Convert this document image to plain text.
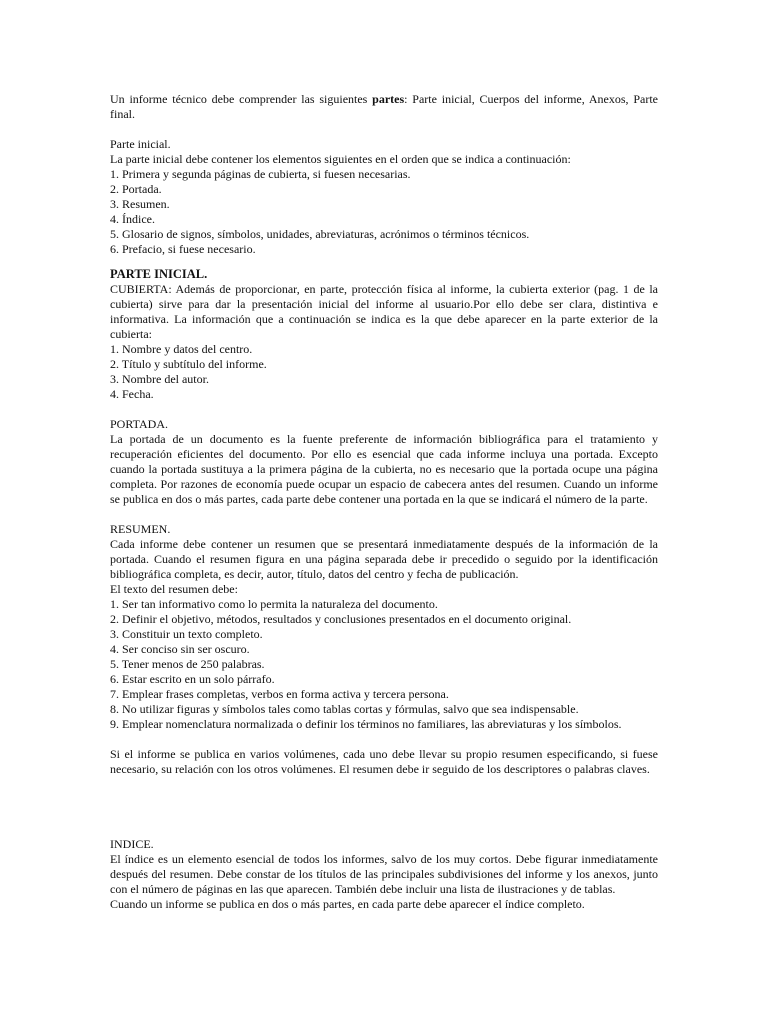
Un informe técnico debe comprender las siguientes partes: Parte inicial, Cuerpos del informe, Anexos, Parte final.

Parte inicial.

La parte inicial debe contener los elementos siguientes en el orden que se indica a continuación:

1. Primera y segunda páginas de cubierta, si fuesen necesarias.
2. Portada.
3. Resumen.
4. Índice.
5. Glosario de signos, símbolos, unidades, abreviaturas, acrónimos o términos técnicos.
6. Prefacio, si fuese necesario.

PARTE INICIAL.

CUBIERTA: Además de proporcionar, en parte, protección física al informe, la cubierta exterior (pag. 1 de la cubierta) sirve para dar la presentación inicial del informe al usuario.Por ello debe ser clara, distintiva e informativa. La información que a continuación se indica es la que debe aparecer en la parte exterior de la cubierta:

1. Nombre y datos del centro.
2. Título y subtítulo del informe.
3. Nombre del autor.
4. Fecha.

PORTADA.

La portada de un documento es la fuente preferente de información bibliográfica para el tratamiento y recuperación eficientes del documento. Por ello es esencial que cada informe incluya una portada. Excepto cuando la portada sustituya a la primera página de la cubierta, no es necesario que la portada ocupe una página completa. Por razones de economía puede ocupar un espacio de cabecera antes del resumen. Cuando un informe se publica en dos o más partes, cada parte debe contener una portada en la que se indicará el número de la parte.

RESUMEN.

Cada informe debe contener un resumen que se presentará inmediatamente después de la información de la portada. Cuando el resumen figura en una página separada debe ir precedido o seguido por la identificación bibliográfica completa, es decir, autor, título, datos del centro y fecha de publicación.

El texto del resumen debe:

1. Ser tan informativo como lo permita la naturaleza del documento.
2. Definir el objetivo, métodos, resultados y conclusiones presentados en el documento original.
3. Constituir un texto completo.
4. Ser conciso sin ser oscuro.
5. Tener menos de 250 palabras.
6. Estar escrito en un solo párrafo.
7. Emplear frases completas, verbos en forma activa y tercera persona.
8. No utilizar figuras y símbolos tales como tablas cortas y fórmulas, salvo que sea indispensable.
9. Emplear nomenclatura normalizada o definir los términos no familiares, las abreviaturas y los símbolos.

Si el informe se publica en varios volúmenes, cada uno debe llevar su propio resumen especificando, si fuese necesario, su relación con los otros volúmenes. El resumen debe ir seguido de los descriptores o palabras claves.

INDICE.

El índice es un elemento esencial de todos los informes, salvo de los muy cortos. Debe figurar inmediatamente después del resumen. Debe constar de los títulos de las principales subdivisiones del informe y los anexos, junto con el número de páginas en las que aparecen. También debe incluir una lista de ilustraciones y de tablas.

Cuando un informe se publica en dos o más partes, en cada parte debe aparecer el índice completo.
